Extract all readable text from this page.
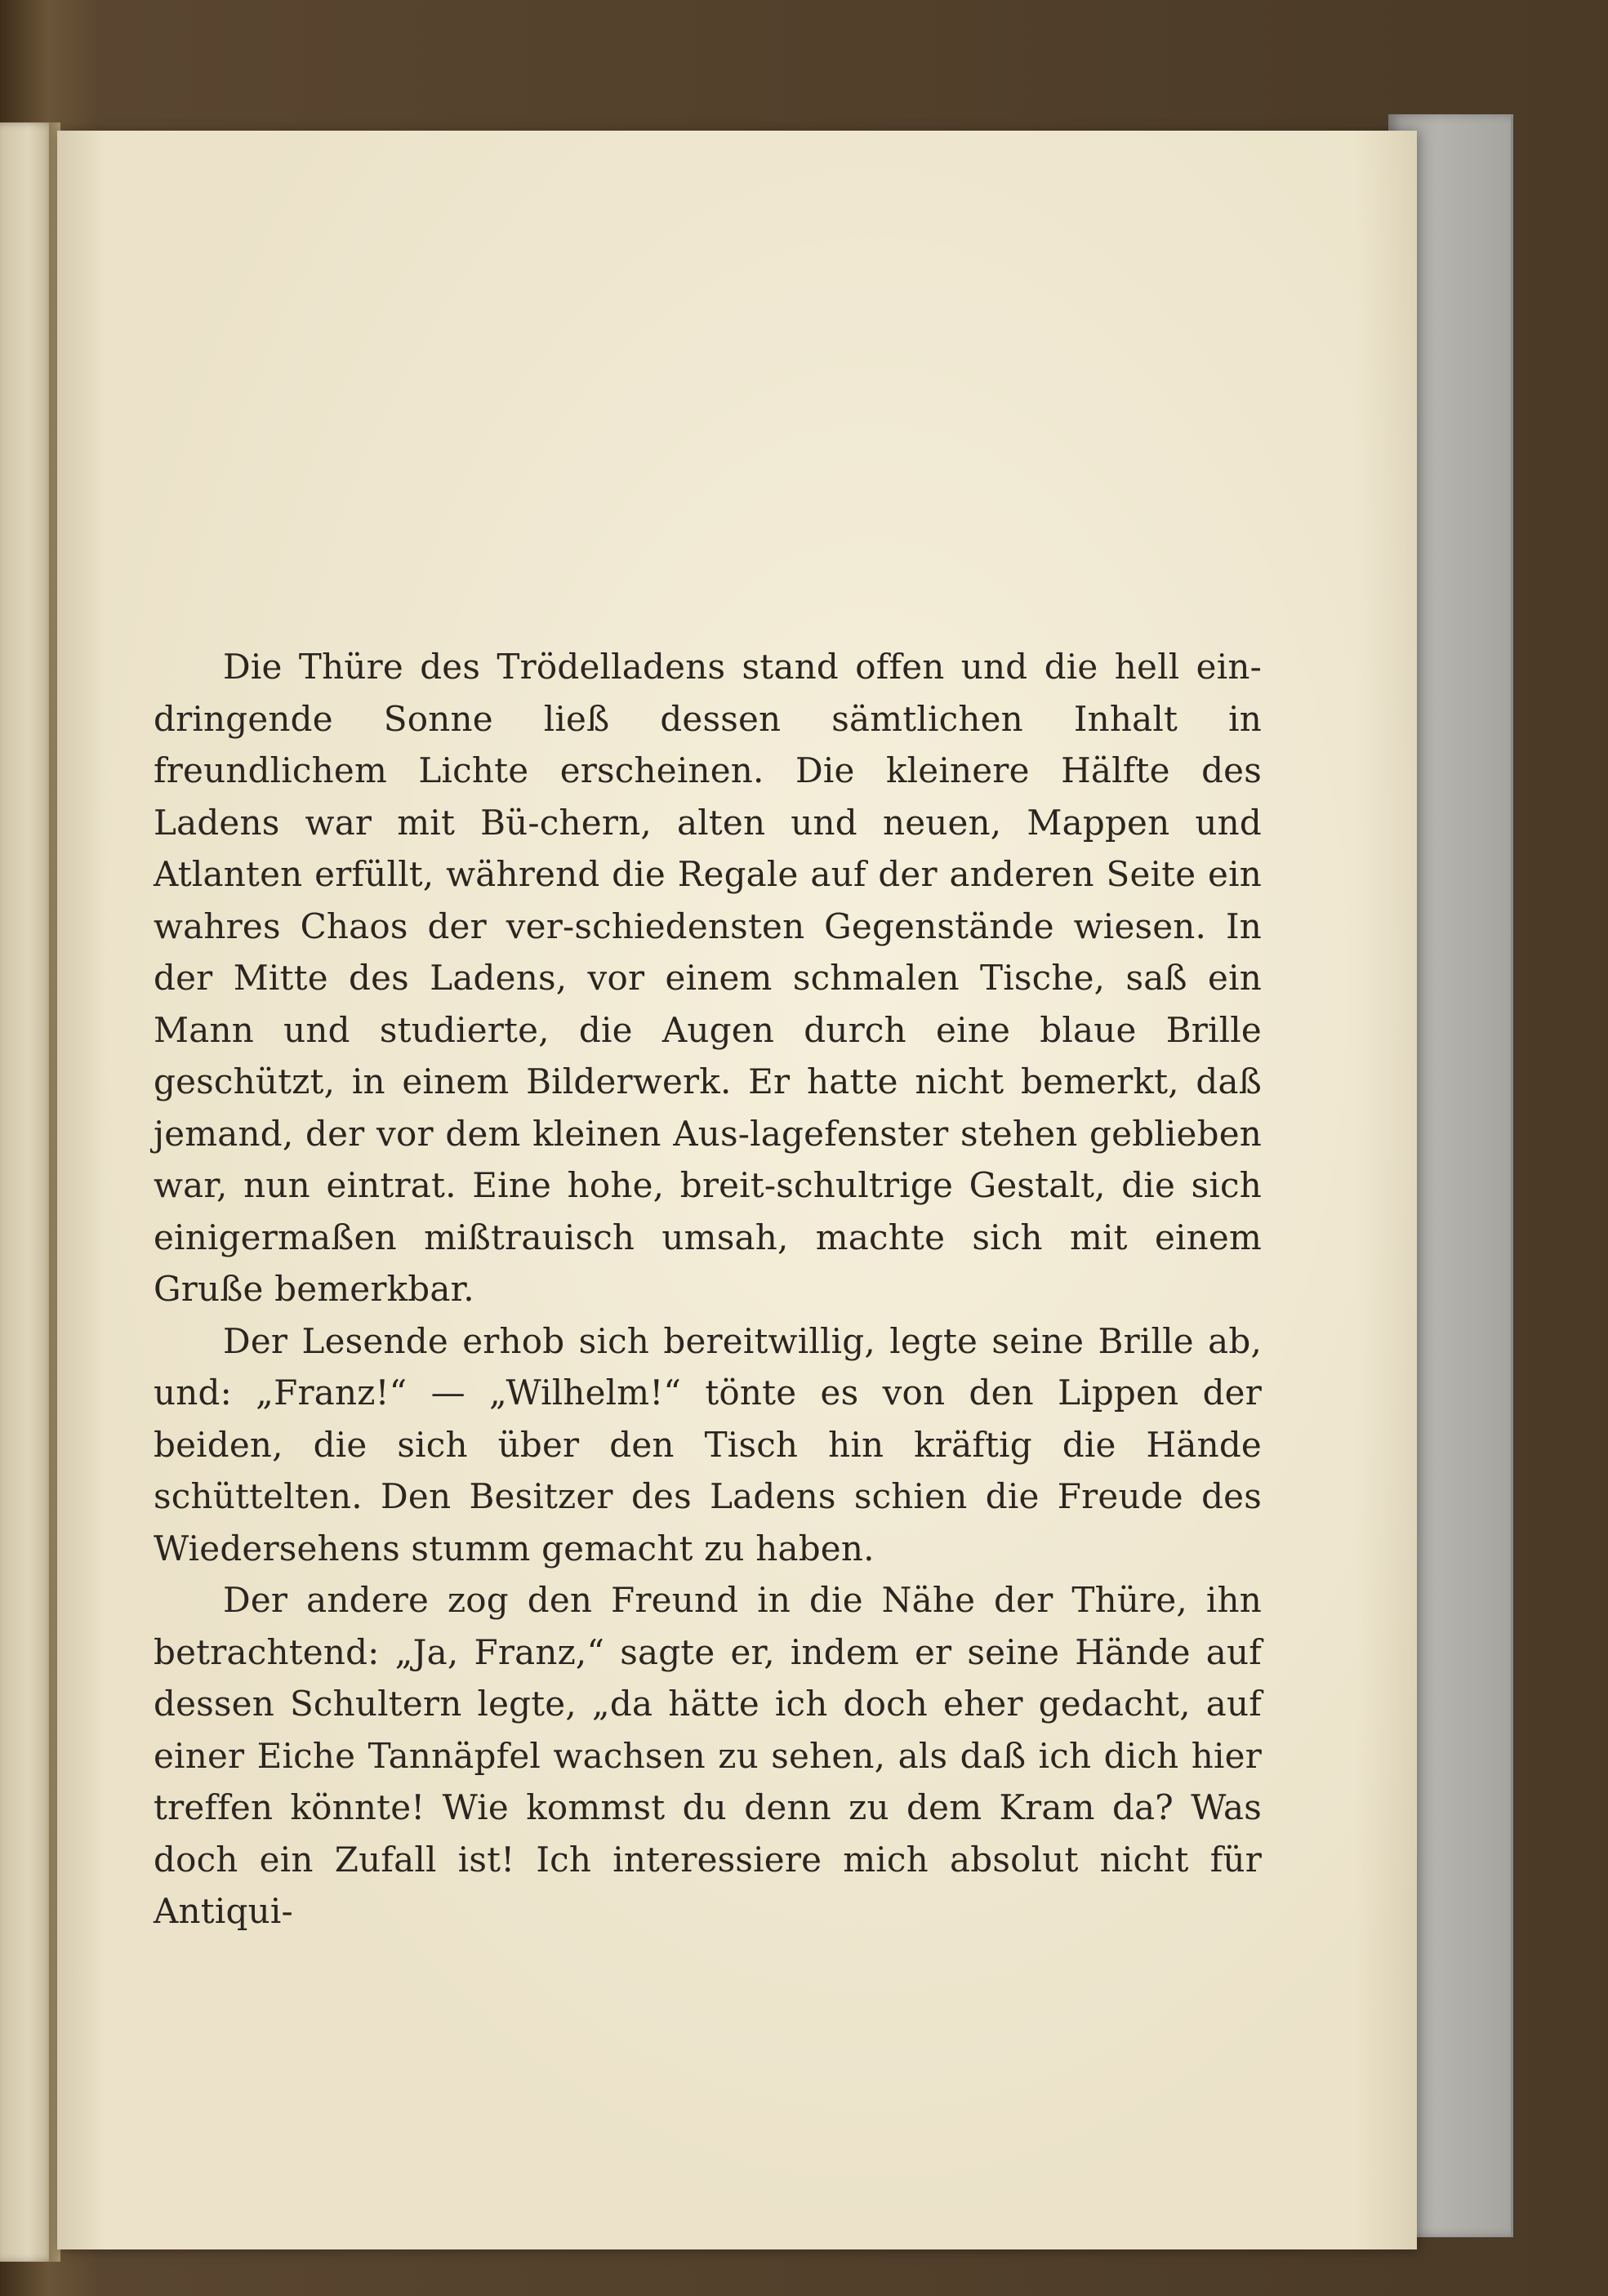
Die Thüre des Trödelladens stand offen und die hell ein-dringende Sonne ließ dessen sämtlichen Inhalt in freundlichem Lichte erscheinen. Die kleinere Hälfte des Ladens war mit Bü-chern, alten und neuen, Mappen und Atlanten erfüllt, während die Regale auf der anderen Seite ein wahres Chaos der ver-schiedensten Gegenstände wiesen. In der Mitte des Ladens, vor einem schmalen Tische, saß ein Mann und studierte, die Augen durch eine blaue Brille geschützt, in einem Bilderwerk. Er hatte nicht bemerkt, daß jemand, der vor dem kleinen Aus-lagefenster stehen geblieben war, nun eintrat. Eine hohe, breit-schultrige Gestalt, die sich einigermaßen mißtrauisch umsah, machte sich mit einem Gruße bemerkbar.

Der Lesende erhob sich bereitwillig, legte seine Brille ab, und: „Franz!“ — „Wilhelm!“ tönte es von den Lippen der beiden, die sich über den Tisch hin kräftig die Hände schüttelten. Den Besitzer des Ladens schien die Freude des Wiedersehens stumm gemacht zu haben.

Der andere zog den Freund in die Nähe der Thüre, ihn betrachtend: „Ja, Franz,“ sagte er, indem er seine Hände auf dessen Schultern legte, „da hätte ich doch eher gedacht, auf einer Eiche Tannäpfel wachsen zu sehen, als daß ich dich hier treffen könnte! Wie kommst du denn zu dem Kram da? Was doch ein Zufall ist! Ich interessiere mich absolut nicht für Antiqui-
